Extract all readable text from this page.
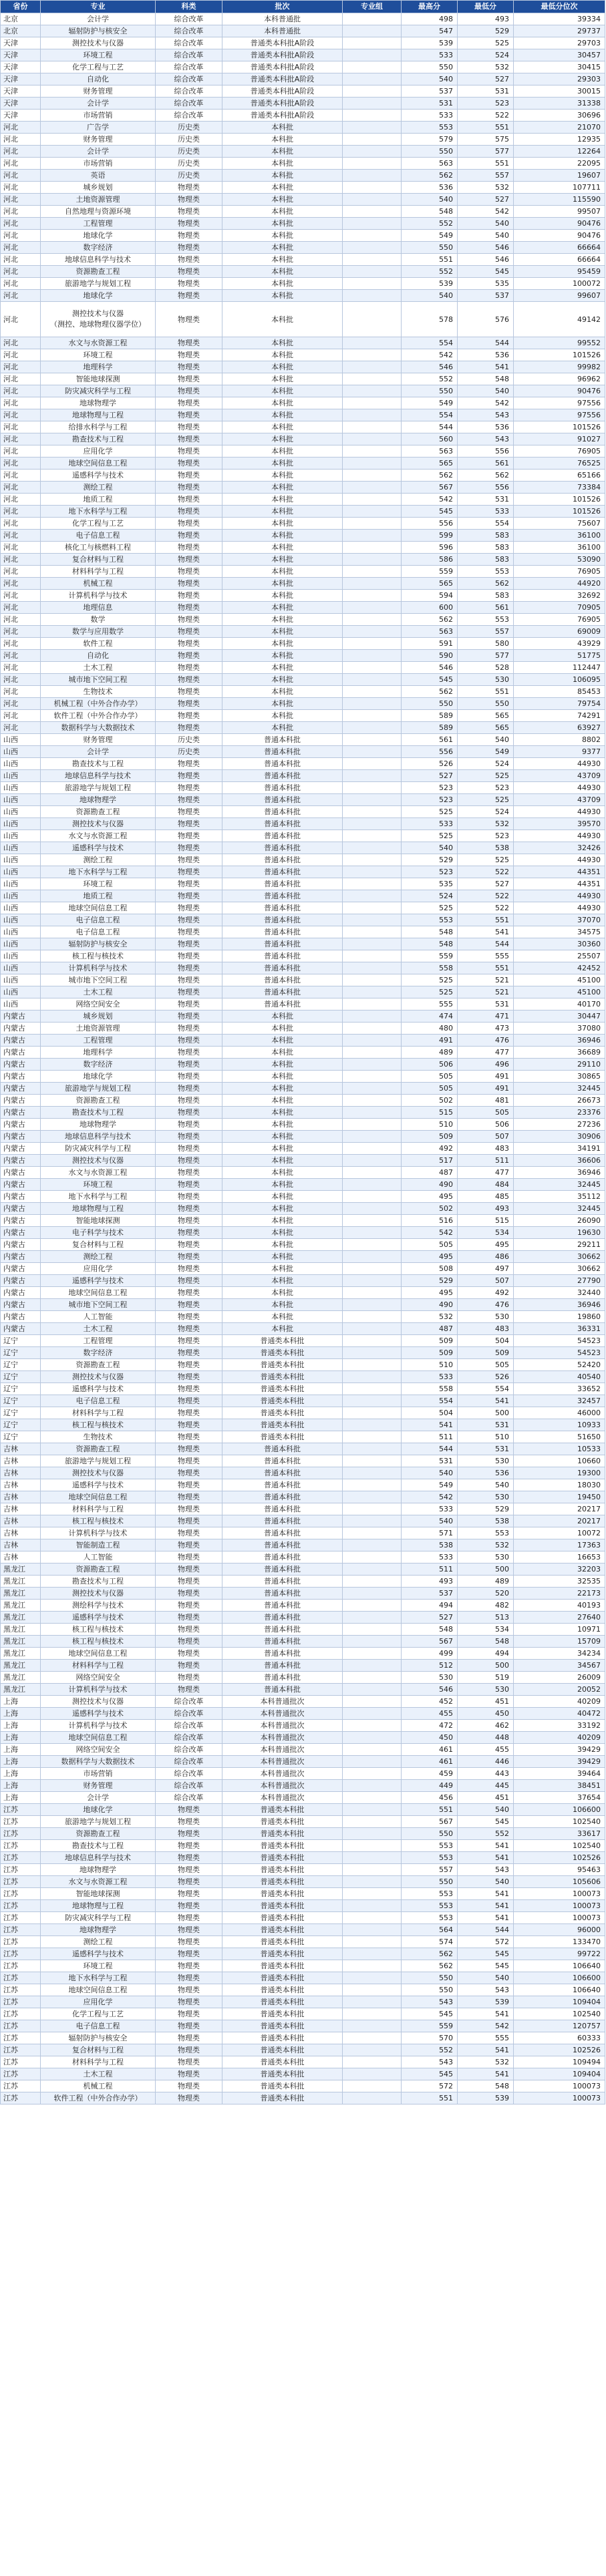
省份	专业	科类	批次	专业组	最高分	最低分	最低分位次
北京	会计学	综合改革	本科普通批		498	493	39334
北京	辐射防护与核安全	综合改革	本科普通批		547	529	29737
天津	测控技术与仪器	综合改革	普通类本科批A阶段		539	525	29703
天津	环境工程	综合改革	普通类本科批A阶段		533	524	30457
天津	化学工程与工艺	综合改革	普通类本科批A阶段		550	532	30415
天津	自动化	综合改革	普通类本科批A阶段		540	527	29303
天津	财务管理	综合改革	普通类本科批A阶段		537	531	30015
天津	会计学	综合改革	普通类本科批A阶段		531	523	31338
天津	市场营销	综合改革	普通类本科批A阶段		533	522	30696
河北	广告学	历史类	本科批		553	551	21070
河北	财务管理	历史类	本科批		579	575	12935
河北	会计学	历史类	本科批		550	577	12264
河北	市场营销	历史类	本科批		563	551	22095
河北	英语	历史类	本科批		562	557	19607
河北	城乡规划	物理类	本科批		536	532	107711
河北	土地资源管理	物理类	本科批		540	527	115590
河北	自然地理与资源环境	物理类	本科批		548	542	99507
河北	工程管理	物理类	本科批		552	540	90476
河北	地球化学	物理类	本科批		549	540	90476
河北	数字经济	物理类	本科批		550	546	66664
河北	地球信息科学与技术	物理类	本科批		551	546	66664
河北	资源勘查工程	物理类	本科批		552	545	95459
河北	旅游地学与规划工程	物理类	本科批		539	535	100072
河北	地球化学	物理类	本科批		540	537	99607
河北	测控技术与仪器
（测控、地球物理仪器学位）	物理类	本科批		578	576	49142
河北	水文与水资源工程	物理类	本科批		554	544	99552
河北	环境工程	物理类	本科批		542	536	101526
河北	地理科学	物理类	本科批		546	541	99982
河北	智能地球探测	物理类	本科批		552	548	96962
河北	防灾减灾科学与工程	物理类	本科批		550	540	90476
河北	地球物理学	物理类	本科批		549	542	97556
河北	地球物理与工程	物理类	本科批		554	543	97556
河北	给排水科学与工程	物理类	本科批		544	536	101526
河北	勘查技术与工程	物理类	本科批		560	543	91027
河北	应用化学	物理类	本科批		563	556	76905
河北	地球空间信息工程	物理类	本科批		565	561	76525
河北	遥感科学与技术	物理类	本科批		562	562	65166
河北	测绘工程	物理类	本科批		567	556	73384
河北	地质工程	物理类	本科批		542	531	101526
河北	地下水科学与工程	物理类	本科批		545	533	101526
河北	化学工程与工艺	物理类	本科批		556	554	75607
河北	电子信息工程	物理类	本科批		599	583	36100
河北	核化工与核燃料工程	物理类	本科批		596	583	36100
河北	复合材料与工程	物理类	本科批		586	583	53090
河北	材料科学与工程	物理类	本科批		559	553	76905
河北	机械工程	物理类	本科批		565	562	44920
河北	计算机科学与技术	物理类	本科批		594	583	32692
河北	地理信息	物理类	本科批		600	561	70905
河北	数学	物理类	本科批		562	553	76905
河北	数学与应用数学	物理类	本科批		563	557	69009
河北	软件工程	物理类	本科批		591	580	43929
河北	自动化	物理类	本科批		590	577	51775
河北	土木工程	物理类	本科批		546	528	112447
河北	城市地下空间工程	物理类	本科批		545	530	106095
河北	生物技术	物理类	本科批		562	551	85453
河北	机械工程（中外合作办学）	物理类	本科批		550	550	79754
河北	软件工程（中外合作办学）	物理类	本科批		589	565	74291
河北	数据科学与大数据技术	物理类	本科批		589	565	63927
山西	财务管理	历史类	普通本科批		561	540	8802
山西	会计学	历史类	普通本科批		556	549	9377
山西	勘查技术与工程	物理类	普通本科批		526	524	44930
山西	地球信息科学与技术	物理类	普通本科批		527	525	43709
山西	旅游地学与规划工程	物理类	普通本科批		523	523	44930
山西	地球物理学	物理类	普通本科批		523	525	43709
山西	资源勘查工程	物理类	普通本科批		525	524	44930
山西	测控技术与仪器	物理类	普通本科批		533	532	39570
山西	水文与水资源工程	物理类	普通本科批		525	523	44930
山西	遥感科学与技术	物理类	普通本科批		540	538	32426
山西	测绘工程	物理类	普通本科批		529	525	44930
山西	地下水科学与工程	物理类	普通本科批		523	522	44351
山西	环境工程	物理类	普通本科批		535	527	44351
山西	地质工程	物理类	普通本科批		524	522	44930
山西	地球空间信息工程	物理类	普通本科批		525	522	44930
山西	电子信息工程	物理类	普通本科批		553	551	37070
山西	电子信息工程	物理类	普通本科批		548	541	34575
山西	辐射防护与核安全	物理类	普通本科批		548	544	30360
山西	核工程与核技术	物理类	普通本科批		559	555	25507
山西	计算机科学与技术	物理类	普通本科批		558	551	42452
山西	城市地下空间工程	物理类	普通本科批		525	521	45100
山西	土木工程	物理类	普通本科批		525	521	45100
山西	网络空间安全	物理类	普通本科批		555	531	40170
内蒙古	城乡规划	物理类	本科批		474	471	30447
内蒙古	土地资源管理	物理类	本科批		480	473	37080
内蒙古	工程管理	物理类	本科批		491	476	36946
内蒙古	地理科学	物理类	本科批		489	477	36689
内蒙古	数字经济	物理类	本科批		506	496	29110
内蒙古	地球化学	物理类	本科批		505	491	30865
内蒙古	旅游地学与规划工程	物理类	本科批		505	491	32445
内蒙古	资源勘查工程	物理类	本科批		502	481	26673
内蒙古	勘查技术与工程	物理类	本科批		515	505	23376
内蒙古	地球物理学	物理类	本科批		510	506	27236
内蒙古	地球信息科学与技术	物理类	本科批		509	507	30906
内蒙古	防灾减灾科学与工程	物理类	本科批		492	483	34191
内蒙古	测控技术与仪器	物理类	本科批		517	511	36606
内蒙古	水文与水资源工程	物理类	本科批		487	477	36946
内蒙古	环境工程	物理类	本科批		490	484	32445
内蒙古	地下水科学与工程	物理类	本科批		495	485	35112
内蒙古	地球物理与工程	物理类	本科批		502	493	32445
内蒙古	智能地球探测	物理类	本科批		516	515	26090
内蒙古	电子科学与技术	物理类	本科批		542	534	19630
内蒙古	复合材料与工程	物理类	本科批		505	495	29211
内蒙古	测绘工程	物理类	本科批		495	486	30662
内蒙古	应用化学	物理类	本科批		508	497	30662
内蒙古	遥感科学与技术	物理类	本科批		529	507	27790
内蒙古	地球空间信息工程	物理类	本科批		495	492	32440
内蒙古	城市地下空间工程	物理类	本科批		490	476	36946
内蒙古	人工智能	物理类	本科批		532	530	19860
内蒙古	土木工程	物理类	本科批		487	483	36331
辽宁	工程管理	物理类	普通类本科批		509	504	54523
辽宁	数字经济	物理类	普通类本科批		509	509	54523
辽宁	资源勘查工程	物理类	普通类本科批		510	505	52420
辽宁	测控技术与仪器	物理类	普通类本科批		533	526	40540
辽宁	遥感科学与技术	物理类	普通类本科批		558	554	33652
辽宁	电子信息工程	物理类	普通类本科批		554	541	32457
辽宁	材料科学与工程	物理类	普通类本科批		504	500	46000
辽宁	核工程与核技术	物理类	普通类本科批		541	531	10933
辽宁	生物技术	物理类	普通类本科批		511	510	51650
吉林	资源勘查工程	物理类	普通本科批		544	531	10533
吉林	旅游地学与规划工程	物理类	普通本科批		531	530	10660
吉林	测控技术与仪器	物理类	普通本科批		540	536	19300
吉林	遥感科学与技术	物理类	普通本科批		549	540	18030
吉林	地球空间信息工程	物理类	普通本科批		542	530	19450
吉林	材料科学与工程	物理类	普通本科批		533	529	20217
吉林	核工程与核技术	物理类	普通本科批		540	538	20217
吉林	计算机科学与技术	物理类	普通本科批		571	553	10072
吉林	智能制造工程	物理类	普通本科批		538	532	17363
吉林	人工智能	物理类	普通本科批		533	530	16653
黑龙江	资源勘查工程	物理类	普通本科批		511	500	32203
黑龙江	勘查技术与工程	物理类	普通本科批		493	489	32535
黑龙江	测控技术与仪器	物理类	普通本科批		537	520	22173
黑龙江	测绘科学与技术	物理类	普通本科批		494	482	40193
黑龙江	遥感科学与技术	物理类	普通本科批		527	513	27640
黑龙江	核工程与核技术	物理类	普通本科批		548	534	10971
黑龙江	核工程与核技术	物理类	普通本科批		567	548	15709
黑龙江	地球空间信息工程	物理类	普通本科批		499	494	34234
黑龙江	材料科学与工程	物理类	普通本科批		512	500	34567
黑龙江	网络空间安全	物理类	普通本科批		530	519	26009
黑龙江	计算机科学与技术	物理类	普通本科批		546	530	20052
上海	测控技术与仪器	综合改革	本科普通批次		452	451	40209
上海	遥感科学与技术	综合改革	本科普通批次		455	450	40472
上海	计算机科学与技术	综合改革	本科普通批次		472	462	33192
上海	地球空间信息工程	综合改革	本科普通批次		450	448	40209
上海	网络空间安全	综合改革	本科普通批次		461	455	39429
上海	数据科学与大数据技术	综合改革	本科普通批次		461	446	39429
上海	市场营销	综合改革	本科普通批次		459	443	39464
上海	财务管理	综合改革	本科普通批次		449	445	38451
上海	会计学	综合改革	本科普通批次		456	451	37654
江苏	地球化学	物理类	普通类本科批		551	540	106600
江苏	旅游地学与规划工程	物理类	普通类本科批		567	545	102540
江苏	资源勘查工程	物理类	普通类本科批		550	552	33617
江苏	勘查技术与工程	物理类	普通类本科批		553	541	102540
江苏	地球信息科学与技术	物理类	普通类本科批		553	541	102526
江苏	地球物理学	物理类	普通类本科批		557	543	95463
江苏	水文与水资源工程	物理类	普通类本科批		550	540	105606
江苏	智能地球探测	物理类	普通类本科批		553	541	100073
江苏	地球物理与工程	物理类	普通类本科批		553	541	100073
江苏	防灾减灾科学与工程	物理类	普通类本科批		553	541	100073
江苏	地球物理学	物理类	普通类本科批		564	544	96000
江苏	测绘工程	物理类	普通类本科批		574	572	133470
江苏	遥感科学与技术	物理类	普通类本科批		562	545	99722
江苏	环境工程	物理类	普通类本科批		562	545	106640
江苏	地下水科学与工程	物理类	普通类本科批		550	540	106600
江苏	地球空间信息工程	物理类	普通类本科批		550	543	106640
江苏	应用化学	物理类	普通类本科批		543	539	109404
江苏	化学工程与工艺	物理类	普通类本科批		545	541	102540
江苏	电子信息工程	物理类	普通类本科批		559	542	120757
江苏	辐射防护与核安全	物理类	普通类本科批		570	555	60333
江苏	复合材料与工程	物理类	普通类本科批		552	541	102526
江苏	材料科学与工程	物理类	普通类本科批		543	532	109494
江苏	土木工程	物理类	普通类本科批		545	541	109404
江苏	机械工程	物理类	普通类本科批		572	548	100073
江苏	软件工程（中外合作办学）	物理类	普通类本科批		551	539	100073
